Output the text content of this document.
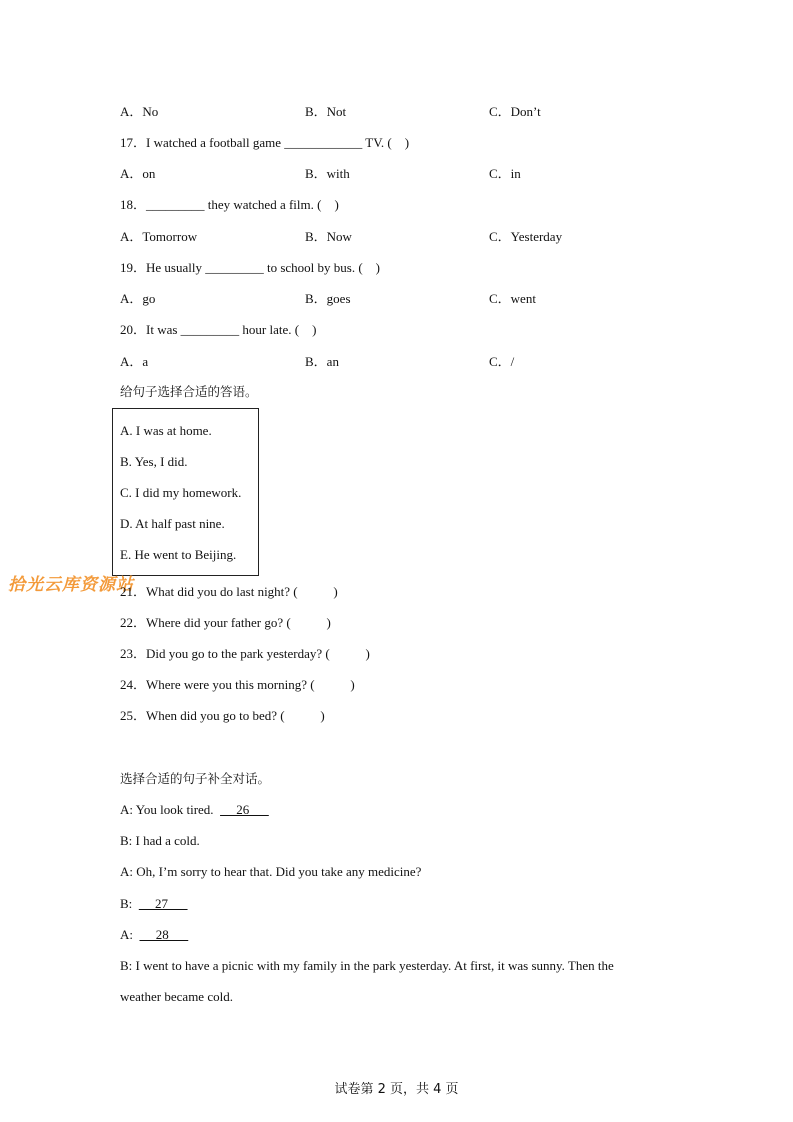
A．No	B．Not	C．Don’t
17．I watched a football game ____________ TV. (    )
A．on	B．with	C．in
18．_________ they watched a film. (    )
A．Tomorrow	B．Now	C．Yesterday
19．He usually _________ to school by bus. (    )
A．go	B．goes	C．went
20．It was _________ hour late. (    )
A．a	B．an	C．/
给句子选择合适的答语。
A. I was at home.
B. Yes, I did.
C. I did my homework.
D. At half past nine.
E. He went to Beijing.
拾光云库资源站
21．What did you do last night? (           )
22．Where did your father go? (           )
23．Did you go to the park yesterday? (           )
24．Where were you this morning? (           )
25．When did you go to bed? (           )
选择合适的句子补全对话。
A: You look tired.       26
B: I had a cold.
A: Oh, I’m sorry to hear that. Did you take any medicine?
B:       27
A:       28
B: I went to have a picnic with my family in the park yesterday. At first, it was sunny. Then the
weather became cold.
试卷第 2 页，共 4 页
